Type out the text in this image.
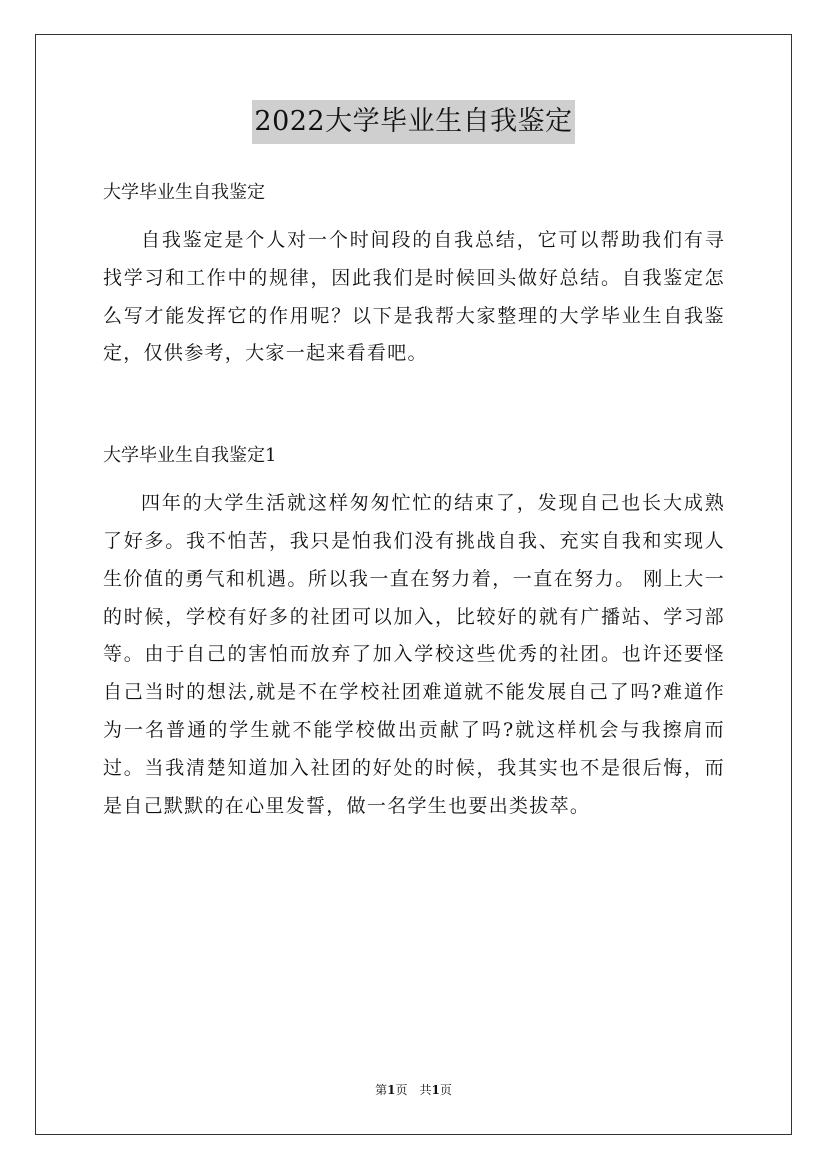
2022大学毕业生自我鉴定

大学毕业生自我鉴定

自我鉴定是个人对一个时间段的自我总结，它可以帮助我们有寻找学习和工作中的规律，因此我们是时候回头做好总结。自我鉴定怎么写才能发挥它的作用呢？以下是我帮大家整理的大学毕业生自我鉴定，仅供参考，大家一起来看看吧。

大学毕业生自我鉴定1

四年的大学生活就这样匆匆忙忙的结束了，发现自己也长大成熟了好多。我不怕苦，我只是怕我们没有挑战自我、充实自我和实现人生价值的勇气和机遇。所以我一直在努力着，一直在努力。 刚上大一的时候，学校有好多的社团可以加入，比较好的就有广播站、学习部等。由于自己的害怕而放弃了加入学校这些优秀的社团。也许还要怪自己当时的想法,就是不在学校社团难道就不能发展自己了吗?难道作为一名普通的学生就不能学校做出贡献了吗?就这样机会与我擦肩而过。当我清楚知道加入社团的好处的时候，我其实也不是很后悔，而是自己默默的在心里发誓，做一名学生也要出类拔萃。

第1页　共1页
